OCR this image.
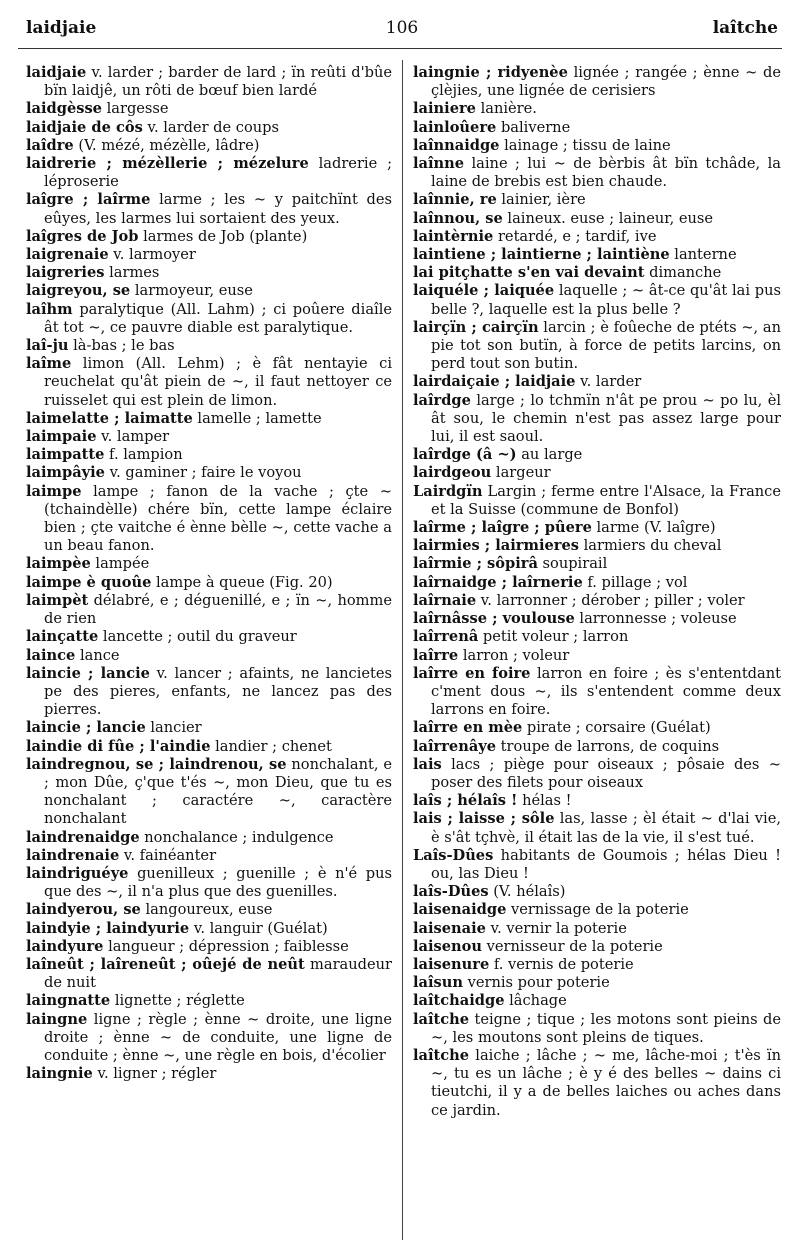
laidjaie	106	laîtche

laidjaie v. larder ; barder de lard ; ïn reûti d'bûe bïn laidjê, un rôti de bœuf bien lardé

laidgèsse largesse

laidjaie de côs v. larder de coups

laîdre (V. mézé, mézèlle, lâdre)

laidrerie ; mézèllerie ; mézelure ladrerie ; léproserie

laîgre ; laîrme larme ; les ~ y paitchïnt des eûyes, les larmes lui sortaient des yeux.

laîgres de Job larmes de Job (plante)

laigrenaie v. larmoyer

laigreries larmes

laigreyou, se larmoyeur, euse

laîhm paralytique (All. Lahm) ; ci poûere diaîle ât tot ~, ce pauvre diable est paralytique.

laî-ju là-bas ; le bas

laîme limon (All. Lehm) ; è fât nentayie ci reuchelat qu'ât piein de ~, il faut nettoyer ce ruisselet qui est plein de limon.

laimelatte ; laimatte lamelle ; lamette

laimpaie v. lamper

laimpatte f. lampion

laimpâyie v. gaminer ; faire le voyou

laimpe lampe ; fanon de la vache ; çte ~ (tchaindèlle) chére bïn, cette lampe éclaire bien ; çte vaitche é ènne bèlle ~, cette vache a un beau fanon.

laimpèe lampée

laimpe è quoûe lampe à queue (Fig. 20)

laimpèt délabré, e ; déguenillé, e ; ïn ~, homme de rien

lainçatte lancette ; outil du graveur

laince lance

laincie ; lancie v. lancer ; afaints, ne lancietes pe des pieres, enfants, ne lancez pas des pierres.

laincie ; lancie lancier

laindie di fûe ; l'aindie landier ; chenet

laindregnou, se ; laindrenou, se nonchalant, e ; mon Dûe, ç'que t'és ~, mon Dieu, que tu es nonchalant ; caractére ~, caractère nonchalant

laindrenaidge nonchalance ; indulgence

laindrenaie v. fainéanter

laindriguéye guenilleux ; guenille ; è n'é pus que des ~, il n'a plus que des guenilles.

laindyerou, se langoureux, euse

laindyie ; laindyurie v. languir (Guélat)

laindyure langueur ; dépression ; faiblesse

laîneût ; laîreneût ; oûejé de neût maraudeur de nuit

laingnatte lignette ; réglette

laingne ligne ; règle ; ènne ~ droite, une ligne droite ; ènne ~ de conduite, une ligne de conduite ; ènne ~, une règle en bois, d'écolier

laingnie v. ligner ; régler

laingnie ; ridyenèe lignée ; rangée ; ènne ~ de çlèjies, une lignée de cerisiers

lainiere lanière.

lainloûere baliverne

laînnaidge lainage ; tissu de laine

laînne laine ; lui ~ de bèrbis ât bïn tchâde, la laine de brebis est bien chaude.

laînnie, re lainier, ière

laînnou, se laineux. euse ; laineur, euse

laintèrnie retardé, e ; tardif, ive

laintiene ; laintierne ; laintiène lanterne

lai pitçhatte s'en vai devaint dimanche

laiquéle ; laiquée laquelle ; ~ ât-ce qu'ât lai pus belle ?, laquelle est la plus belle ?

lairçïn ; cairçïn larcin ; è foûeche de ptéts ~, an pie tot son butïn, à force de petits larcins, on perd tout son butin.

lairdaiçaie ; laidjaie v. larder

laîrdge large ; lo tchmïn n'ât pe prou ~ po lu, èl ât sou, le chemin n'est pas assez large pour lui, il est saoul.

laîrdge (â ~) au large

lairdgeou largeur

Lairdgïn Largin ; ferme entre l'Alsace, la France et la Suisse (commune de Bonfol)

laîrme ; laîgre ; pûere larme (V. laîgre)

lairmies ; lairmieres larmiers du cheval

laîrmie ; sôpirâ soupirail

laîrnaidge ; laîrnerie f. pillage ; vol

laîrnaie v. larronner ; dérober ; piller ; voler

laîrnâsse ; voulouse larronnesse ; voleuse

laîrrenâ petit voleur ; larron

laîrre larron ; voleur

laîrre en foire larron en foire ; ès s'ententdant c'ment dous ~, ils s'entendent comme deux larrons en foire.

laîrre en mèe pirate ; corsaire (Guélat)

laîrrenâye troupe de larrons, de coquins

lais lacs ; piège pour oiseaux ; pôsaie des ~ poser des filets pour oiseaux

laîs ; hélaîs ! hélas !

lais ; laisse ; sôle las, lasse ; èl était ~ d'lai vie, è s'ât tçhvè, il était las de la vie, il s'est tué.

Laîs-Dûes habitants de Goumois ; hélas Dieu ! ou, las Dieu !

laîs-Dûes (V. hélaîs)

laisenaidge vernissage de la poterie

laisenaie v. vernir la poterie

laisenou vernisseur de la poterie

laisenure f. vernis de poterie

laîsun vernis pour poterie

laîtchaidge lâchage

laîtche teigne ; tique ; les motons sont pieins de ~, les moutons sont pleins de tiques.

laîtche laiche ; lâche ; ~ me, lâche-moi ; t'ès ïn ~, tu es un lâche ; è y é des belles ~ dains ci tieutchi, il y a de belles laiches ou aches dans ce jardin.
